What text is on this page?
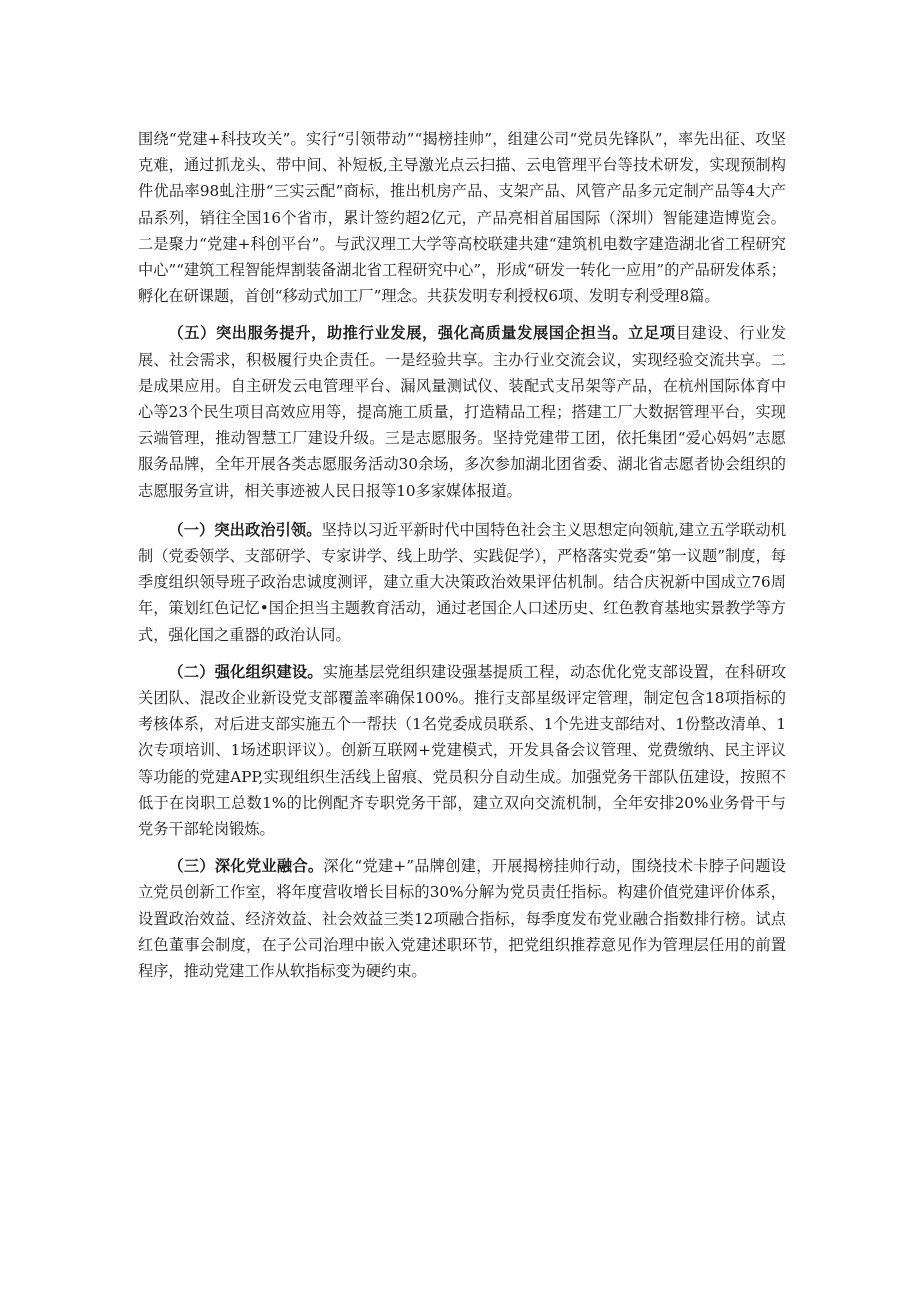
围绕“党建+科技攻关”。实行“引领带动”“揭榜挂帅”，组建公司“党员先锋队”，率先出征、攻坚克难，通过抓龙头、带中间、补短板,主导激光点云扫描、云电管理平台等技术研发，实现预制构件优品率98虬注册“三实云配”商标，推出机房产品、支架产品、风管产品多元定制产品等4大产品系列，销往全国16个省市，累计签约超2亿元，产品亮相首届国际（深圳）智能建造博览会。二是聚力“党建+科创平台”。与武汉理工大学等高校联建共建“建筑机电数字建造湖北省工程研究中心”“建筑工程智能焊割装备湖北省工程研究中心”，形成“研发一转化一应用”的产品研发体系；孵化在研课题，首创“移动式加工厂”理念。共获发明专利授权6项、发明专利受理8篇。

（五）突出服务提升，助推行业发展，强化高质量发展国企担当。立足项目建设、行业发展、社会需求，积极履行央企责任。一是经验共享。主办行业交流会议，实现经验交流共享。二是成果应用。自主研发云电管理平台、漏风量测试仪、装配式支吊架等产品，在杭州国际体育中心等23个民生项目高效应用等，提高施工质量，打造精品工程；搭建工厂大数据管理平台，实现云端管理，推动智慧工厂建设升级。三是志愿服务。坚持党建带工团，依托集团“爱心妈妈”志愿服务品牌，全年开展各类志愿服务活动30余场，多次参加湖北团省委、湖北省志愿者协会组织的志愿服务宣讲，相关事迹被人民日报等10多家媒体报道。

（一）突出政治引领。坚持以习近平新时代中国特色社会主义思想定向领航,建立五学联动机制（党委领学、支部研学、专家讲学、线上助学、实践促学），严格落实党委“第一议题”制度，每季度组织领导班子政治忠诚度测评，建立重大决策政治效果评估机制。结合庆祝新中国成立76周年，策划红色记忆•国企担当主题教育活动，通过老国企人口述历史、红色教育基地实景教学等方式，强化国之重器的政治认同。

（二）强化组织建设。实施基层党组织建设强基提质工程，动态优化党支部设置，在科研攻关团队、混改企业新设党支部覆盖率确保100%。推行支部星级评定管理，制定包含18项指标的考核体系，对后进支部实施五个一帮扶（1名党委成员联系、1个先进支部结对、1份整改清单、1次专项培训、1场述职评议）。创新互联网+党建模式，开发具备会议管理、党费缴纳、民主评议等功能的党建APP,实现组织生活线上留痕、党员积分自动生成。加强党务干部队伍建设，按照不低于在岗职工总数1%的比例配齐专职党务干部，建立双向交流机制，全年安排20%业务骨干与党务干部轮岗锻炼。

（三）深化党业融合。深化“党建+”品牌创建，开展揭榜挂帅行动，围绕技术卡脖子问题设立党员创新工作室，将年度营收增长目标的30%分解为党员责任指标。构建价值党建评价体系，设置政治效益、经济效益、社会效益三类12项融合指标，每季度发布党业融合指数排行榜。试点红色董事会制度，在子公司治理中嵌入党建述职环节，把党组织推荐意见作为管理层任用的前置程序，推动党建工作从软指标变为硬约束。
